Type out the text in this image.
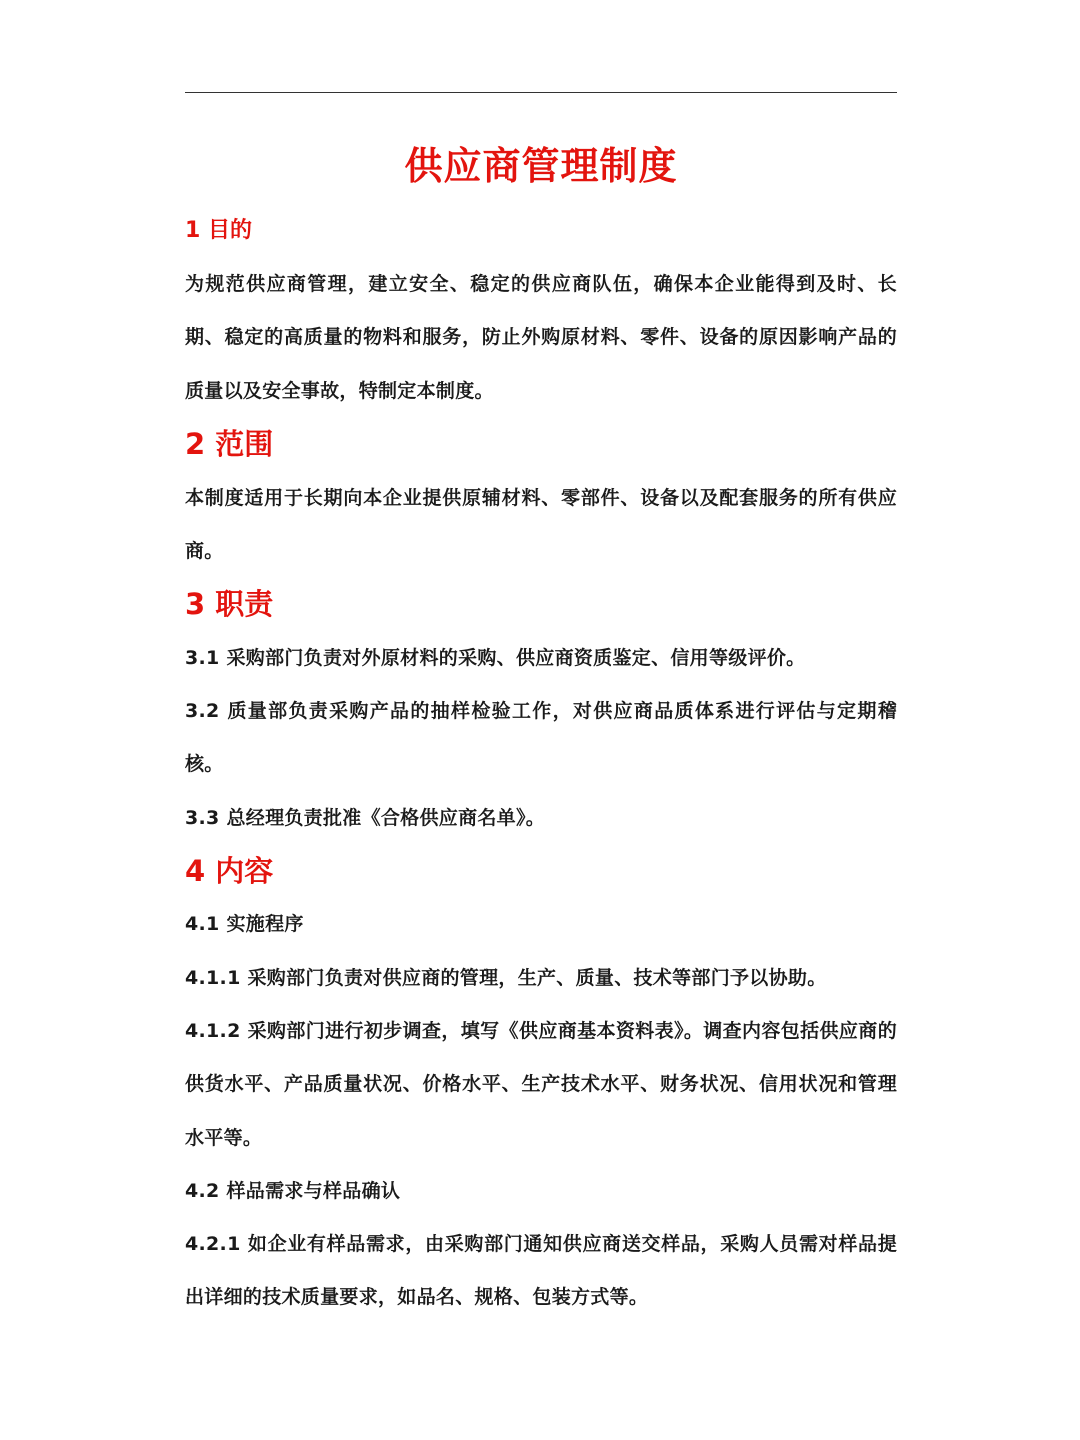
供应商管理制度
1 目的
为规范供应商管理，建立安全、稳定的供应商队伍，确保本企业能得到及时、长期、稳定的高质量的物料和服务，防止外购原材料、零件、设备的原因影响产品的质量以及安全事故，特制定本制度。
2 范围
本制度适用于长期向本企业提供原辅材料、零部件、设备以及配套服务的所有供应商。
3 职责
3.1 采购部门负责对外原材料的采购、供应商资质鉴定、信用等级评价。
3.2 质量部负责采购产品的抽样检验工作，对供应商品质体系进行评估与定期稽核。
3.3 总经理负责批准《合格供应商名单》。
4 内容
4.1 实施程序
4.1.1 采购部门负责对供应商的管理，生产、质量、技术等部门予以协助。
4.1.2 采购部门进行初步调查，填写《供应商基本资料表》。调查内容包括供应商的供货水平、产品质量状况、价格水平、生产技术水平、财务状况、信用状况和管理水平等。
4.2 样品需求与样品确认
4.2.1 如企业有样品需求，由采购部门通知供应商送交样品，采购人员需对样品提出详细的技术质量要求，如品名、规格、包装方式等。
